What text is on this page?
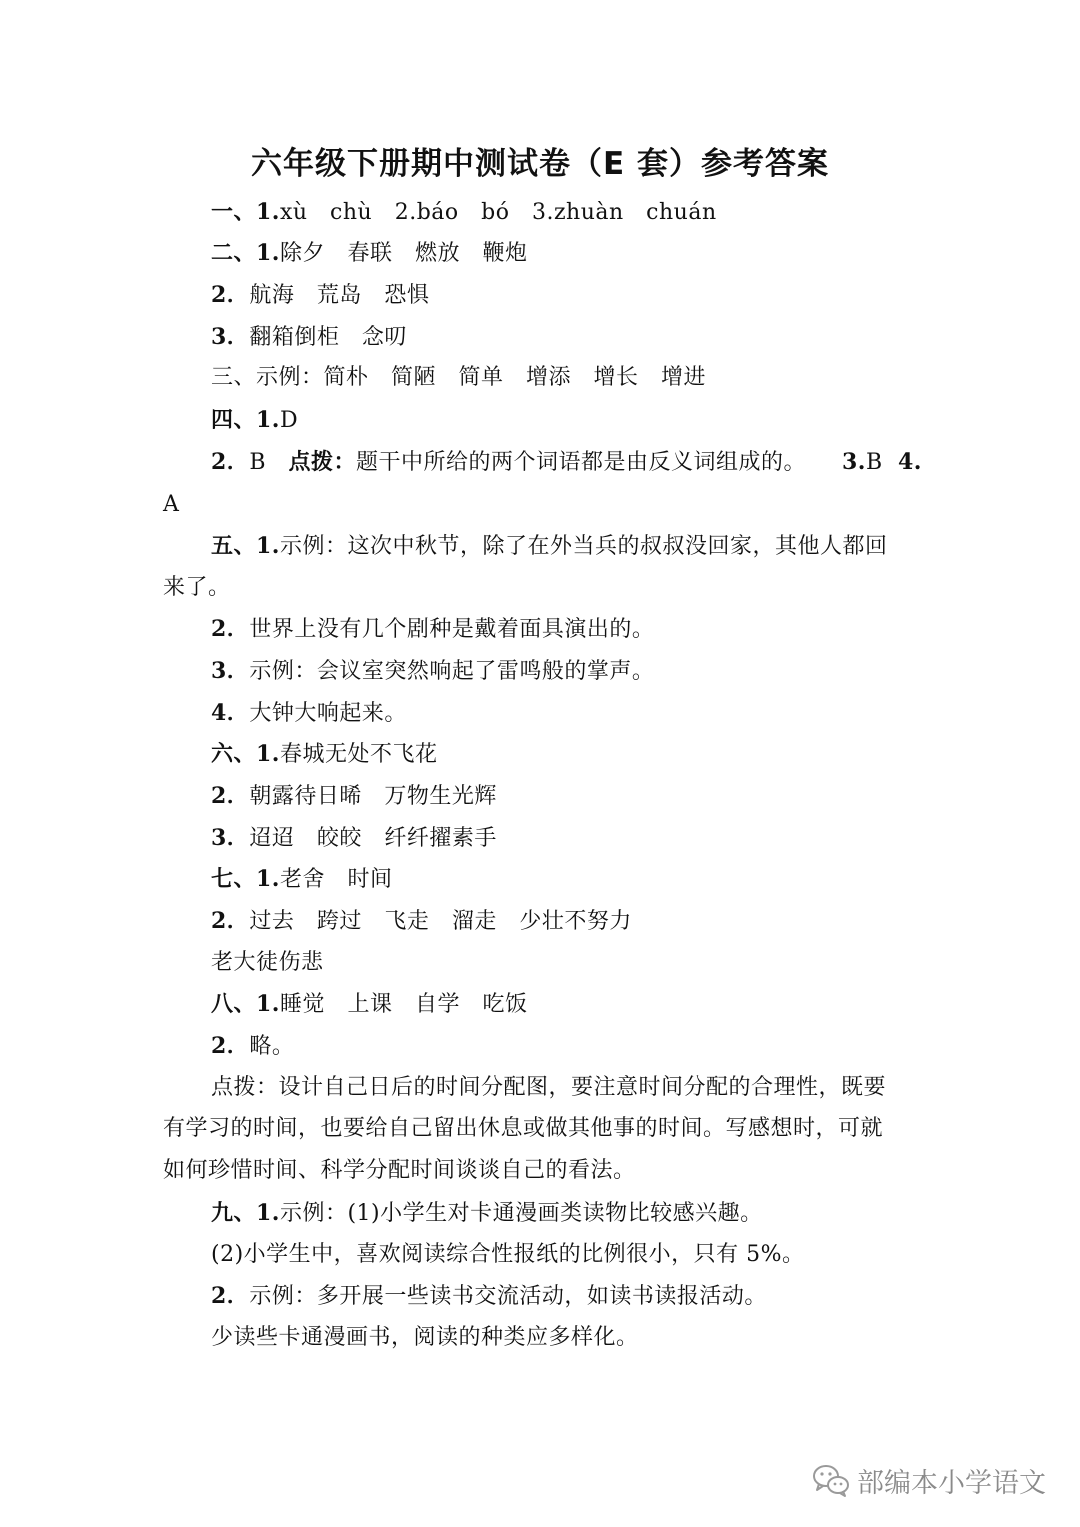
六年级下册期中测试卷（E 套）参考答案
一、1.xù　chù　2.báo　bó　3.zhuàn　chuán
二、1.除夕　春联　燃放　鞭炮
2．航海　荒岛　恐惧
3．翻箱倒柜　念叨
三、示例：简朴　简陋　简单　增添　增长　增进
四、1.D
2．B　点拨：题干中所给的两个词语都是由反义词组成的。 3.B　
4.
A
五、1.示例：这次中秋节，除了在外当兵的叔叔没回家，其他人都回
来了。
2．世界上没有几个剧种是戴着面具演出的。
3．示例：会议室突然响起了雷鸣般的掌声。
4．大钟大响起来。
六、1.春城无处不飞花
2．朝露待日晞　万物生光辉
3．迢迢　皎皎　纤纤擢素手
七、1.老舍　时间
2．过去　跨过　飞走　溜走　少壮不努力
老大徒伤悲
八、1.睡觉　上课　自学　吃饭
2．略。
点拨：设计自己日后的时间分配图，要注意时间分配的合理性，既要
有学习的时间，也要给自己留出休息或做其他事的时间。写感想时，可就
如何珍惜时间、科学分配时间谈谈自己的看法。
九、1.示例：(1)小学生对卡通漫画类读物比较感兴趣。
(2)小学生中，喜欢阅读综合性报纸的比例很小，只有 5%。
2．示例：多开展一些读书交流活动，如读书读报活动。
少读些卡通漫画书，阅读的种类应多样化。
部编本小学语文
